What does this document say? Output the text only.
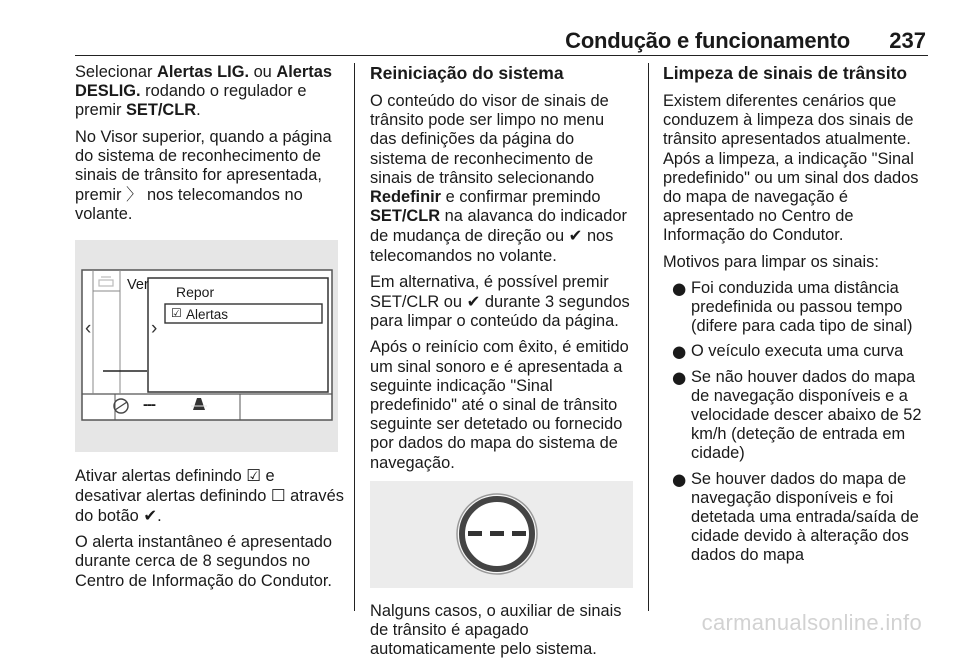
Condução e funcionamento 237

Selecionar Alertas LIG. ou Alertas DESLIG. rodando o regulador e premir SET/CLR.

No Visor superior, quando a página do sistema de reconhecimento de sinais de trânsito for apresentada, premir 〉 nos telecomandos no volante.

Ver Repor
☑ Alertas
‹	›
---

Ativar alertas definindo ☑ e desativar alertas definindo ☐ através do botão ✔.

O alerta instantâneo é apresentado durante cerca de 8 segundos no Centro de Informação do Condutor.

Reiniciação do sistema

O conteúdo do visor de sinais de trânsito pode ser limpo no menu das definições da página do sistema de reconhecimento de sinais de trânsito selecionando Redefinir e confirmar premindo SET/CLR na alavanca do indicador de mudança de direção ou ✔ nos telecomandos no volante.

Em alternativa, é possível premir SET/CLR ou ✔ durante 3 segundos para limpar o conteúdo da página.

Após o reinício com êxito, é emitido um sinal sonoro e é apresentada a seguinte indicação "Sinal predefinido" até o sinal de trânsito seguinte ser detetado ou fornecido por dados do mapa do sistema de navegação.

Nalguns casos, o auxiliar de sinais de trânsito é apagado automaticamente pelo sistema.

Limpeza de sinais de trânsito

Existem diferentes cenários que conduzem à limpeza dos sinais de trânsito apresentados atualmente. Após a limpeza, a indicação "Sinal predefinido" ou um sinal dos dados do mapa de navegação é apresentado no Centro de Informação do Condutor.

Motivos para limpar os sinais:

● Foi conduzida uma distância predefinida ou passou tempo (difere para cada tipo de sinal)
● O veículo executa uma curva
● Se não houver dados do mapa de navegação disponíveis e a velocidade descer abaixo de 52 km/h (deteção de entrada em cidade)
● Se houver dados do mapa de navegação disponíveis e foi detetada uma entrada/saída de cidade devido à alteração dos dados do mapa
carmanualsonline.info
